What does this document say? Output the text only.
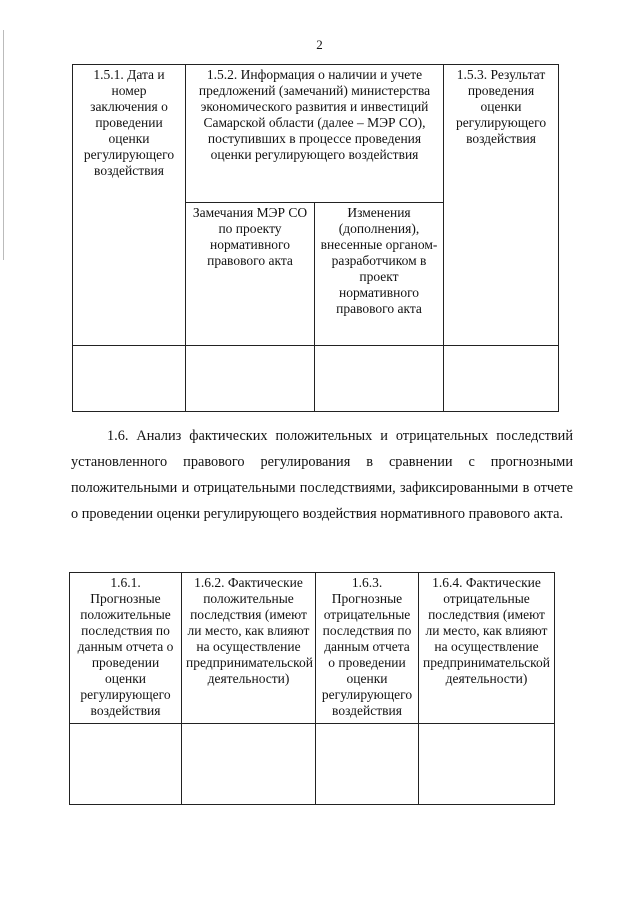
2
1.5.1. Дата и номер заключения о проведении оценки регулирующего воздействия	1.5.2. Информация о наличии и учете предложений (замечаний) министерства экономического развития и инвестиций Самарской области (далее – МЭР СО), поступивших в процессе проведения оценки регулирующего воздействия		1.5.3. Результат проведения оценки регулирующего воздействия
	Замечания МЭР СО по проекту нормативного правового акта	Изменения (дополнения), внесенные органом-разработчиком в проект нормативного правового акта	

1.6. Анализ фактических положительных и отрицательных последствий установленного правового регулирования в сравнении с прогнозными положительными и отрицательными последствиями, зафиксированными в отчете о проведении оценки регулирующего воздействия нормативного правового акта.

1.6.1. Прогнозные положительные последствия по данным отчета о проведении оценки регулирующего воздействия	1.6.2. Фактические положительные последствия (имеют ли место, как влияют на осуществление предпринимательской деятельности)	1.6.3. Прогнозные отрицательные последствия по данным отчета о проведении оценки регулирующего воздействия	1.6.4. Фактические отрицательные последствия (имеют ли место, как влияют на осуществление предпринимательской деятельности)
